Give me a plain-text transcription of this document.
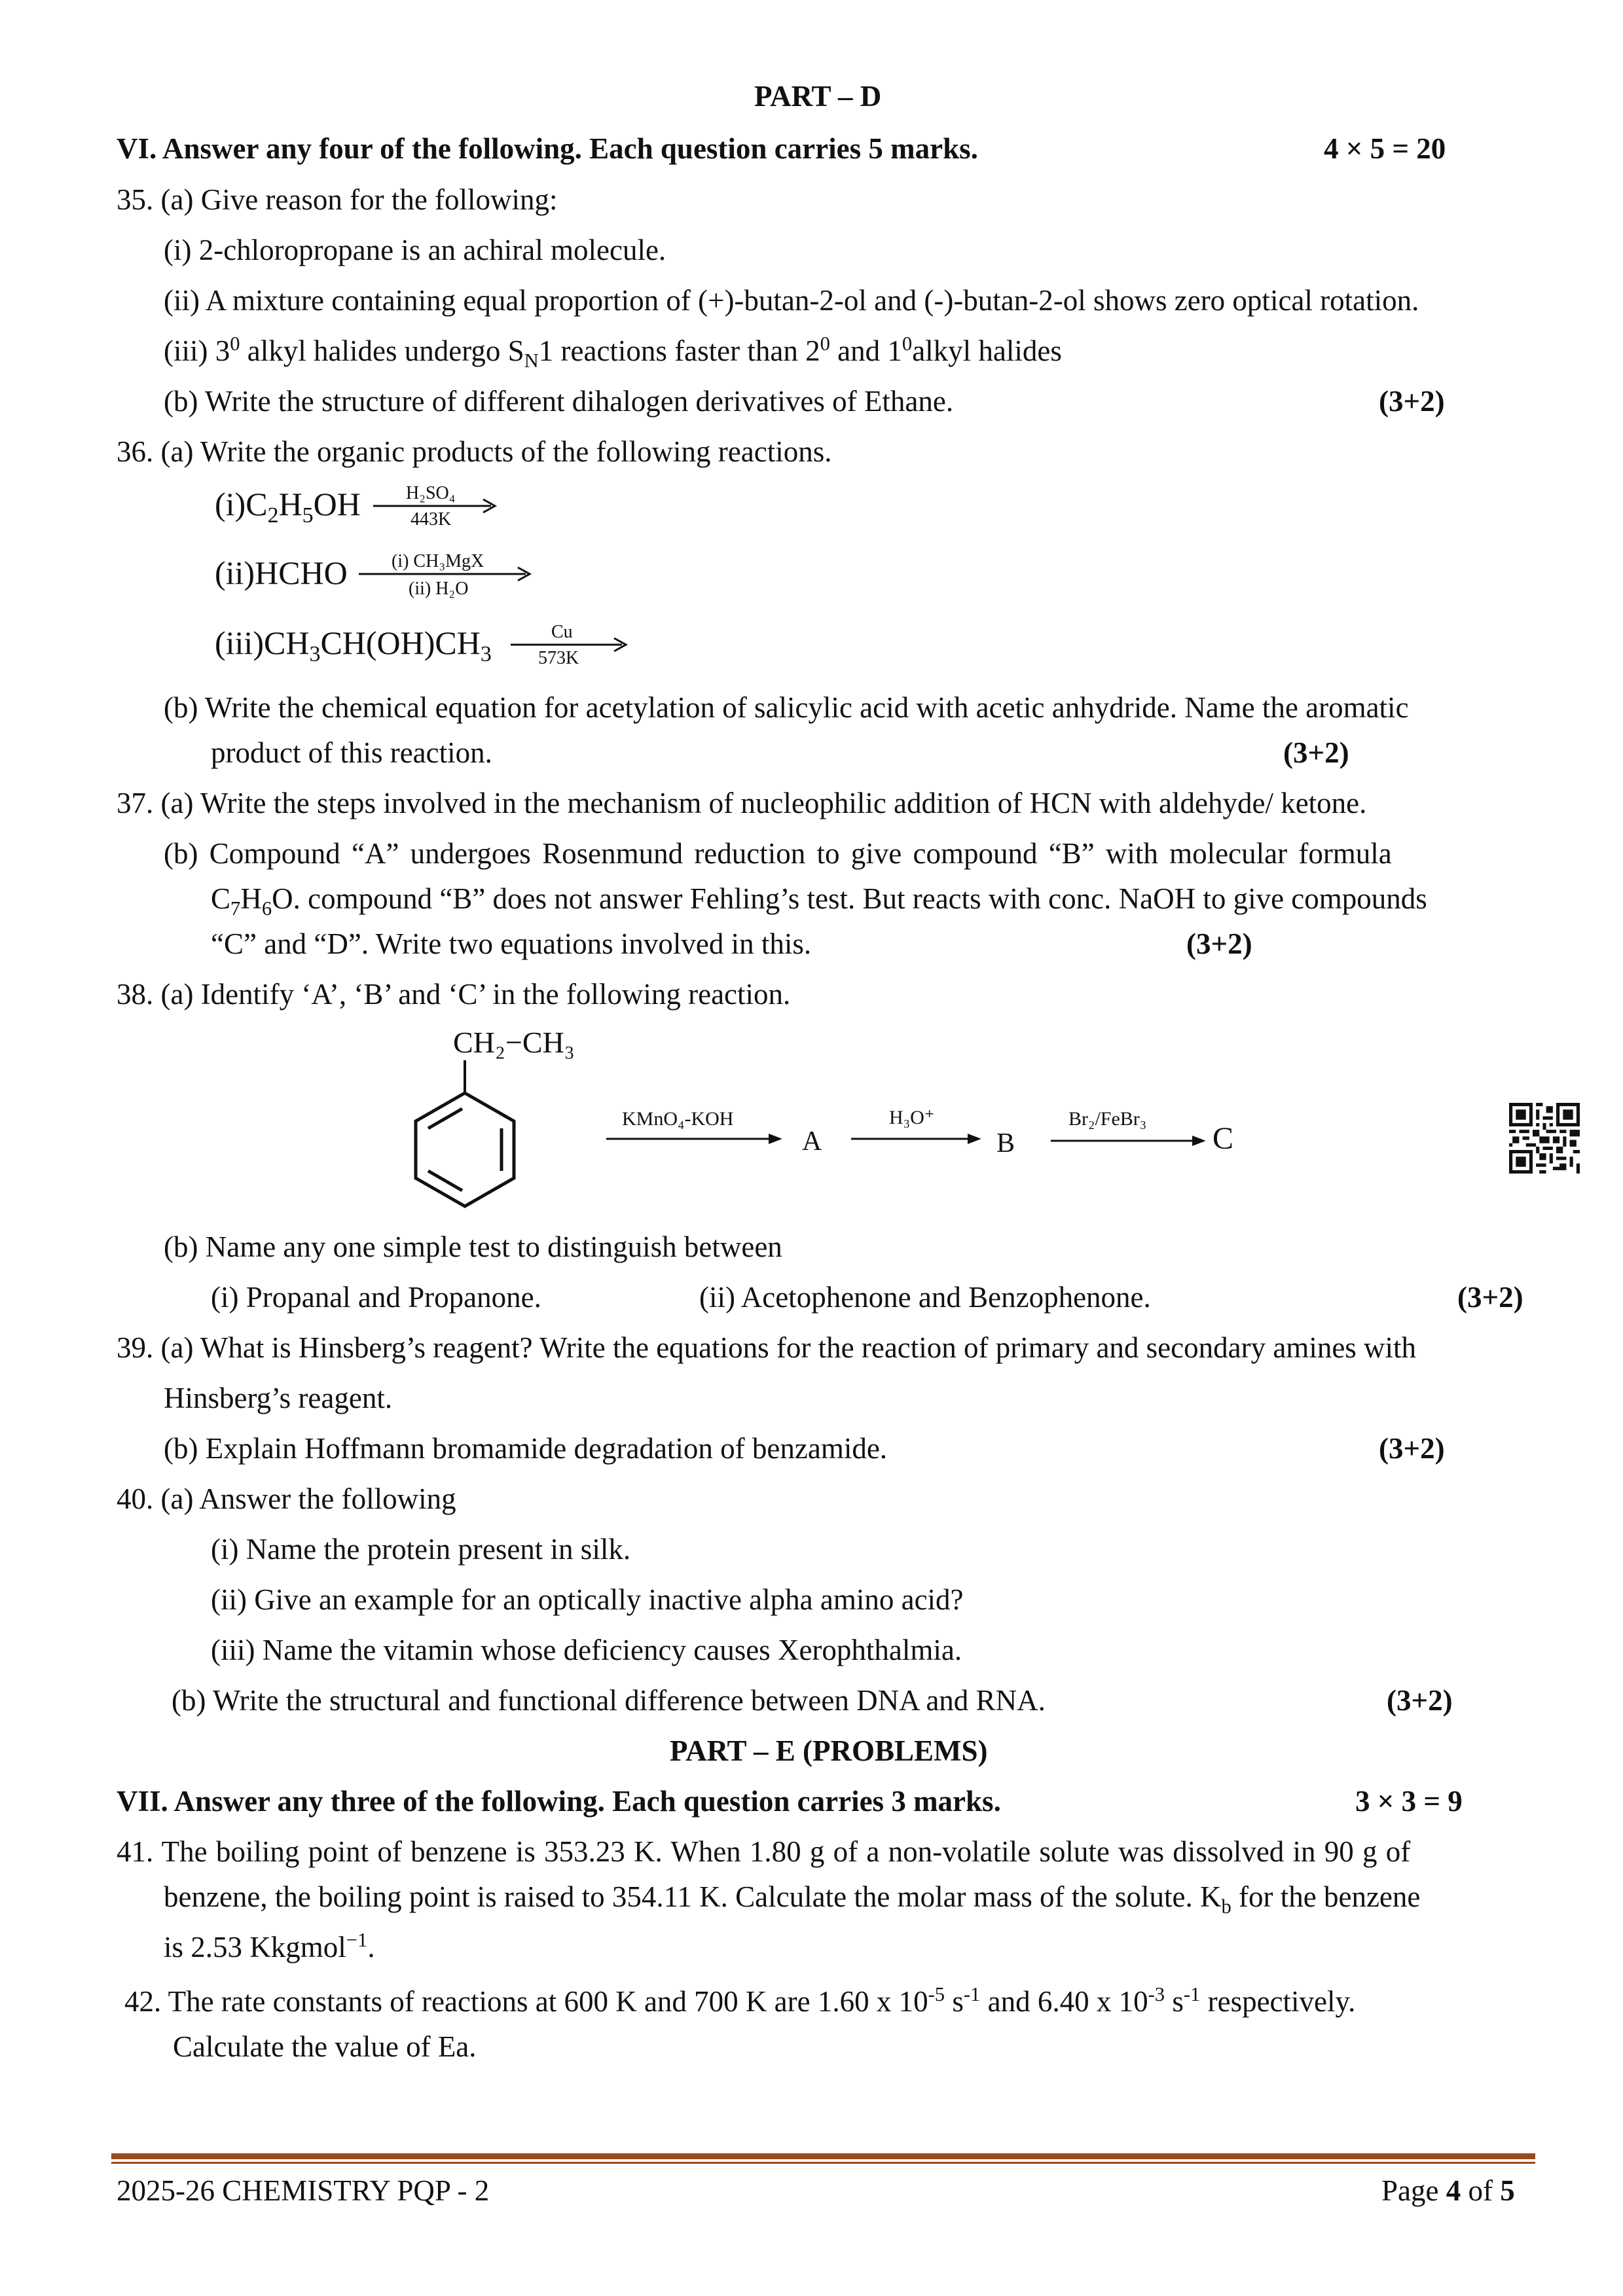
PART – D
VI. Answer any four of the following. Each question carries 5 marks.	4 × 5 = 20
35. (a) Give reason for the following:
(i) 2-chloropropane is an achiral molecule.
(ii) A mixture containing equal proportion of (+)-butan-2-ol and (-)-butan-2-ol shows zero optical rotation.
(iii) $3^0$ alkyl halides undergo $S_N1$ reactions faster than $2^0$ and $1^0alkyl$ halides
(b) Write the structure of different dihalogen derivatives of Ethane.	(3+2)
36. (a) Write the organic products of the following reactions.
$(i)C_2H_5OH$ H₂SO₄
443K
(ii)HCHO (i) CH₃MgX
(ii) H₂O
$(iii)CH_3CH(OH)CH_3$
Cu
573K
(b) Write the chemical equation for acetylation of salicylic acid with acetic anhydride. Name the aromatic
product of this reaction.	(3+2)
37. (a) Write the steps involved in the mechanism of nucleophilic addition of HCN with aldehyde/ ketone.
(b) Compound “A” undergoes Rosenmund reduction to give compound “B” with molecular formula
$C_7H_6O$. compound “B” does not answer Fehling’s test. But reacts with conc. NaOH to give compounds
“C” and “D”. Write two equations involved in this.	(3+2)
38. (a) Identify ‘A’, ‘B’ and ‘C’ in the following reaction.
CH₂−CH₃
KMnO₄-KOH
A
H₃O⁺
B
Br₂/FeBr₃
C
(b) Name any one simple test to distinguish between
(i) Propanal and Propanone.	(ii) Acetophenone and Benzophenone.	(3+2)
39. (a) What is Hinsberg’s reagent? Write the equations for the reaction of primary and secondary amines with
Hinsberg’s reagent.
(b) Explain Hoffmann bromamide degradation of benzamide.	(3+2)
40. (a) Answer the following
(i) Name the protein present in silk.
(ii) Give an example for an optically inactive alpha amino acid?
(iii) Name the vitamin whose deficiency causes Xerophthalmia.
(b) Write the structural and functional difference between DNA and RNA.	(3+2)
PART – E (PROBLEMS)
VII. Answer any three of the following. Each question carries 3 marks.	3 × 3 = 9
41. The boiling point of benzene is 353.23 K. When 1.80 g of a non-volatile solute was dissolved in 90 g of
benzene, the boiling point is raised to 354.11 K. Calculate the molar mass of the solute. $K_b$ for the benzene
is 2.53 Kkgmol$^{-1}$.
42. The rate constants of reactions at 600 K and 700 K are 1.60 x $10^{-5}$ $s^{-1}$ and 6.40 x $10^{-3}$ $s^{-1}$ respectively.
Calculate the value of Ea.
2025-26 CHEMISTRY PQP - 2	Page 4 of 5
